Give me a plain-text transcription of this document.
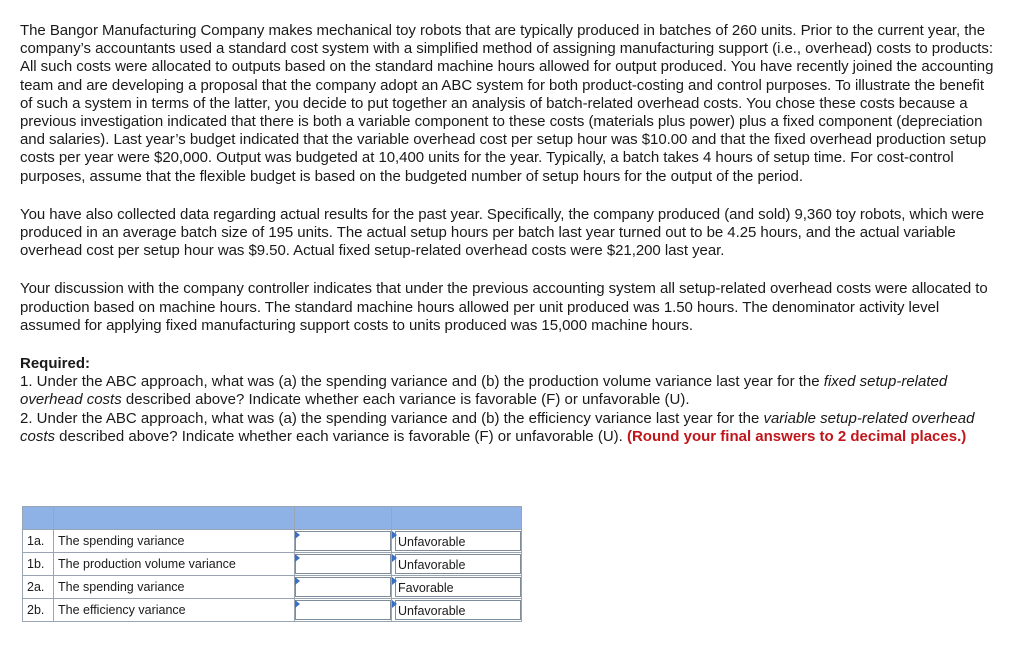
The Bangor Manufacturing Company makes mechanical toy robots that are typically produced in batches of 260 units. Prior to the current year, the company’s accountants used a standard cost system with a simplified method of assigning manufacturing support (i.e., overhead) costs to products: All such costs were allocated to outputs based on the standard machine hours allowed for output produced. You have recently joined the accounting team and are developing a proposal that the company adopt an ABC system for both product-costing and control purposes. To illustrate the benefit of such a system in terms of the latter, you decide to put together an analysis of batch-related overhead costs. You chose these costs because a previous investigation indicated that there is both a variable component to these costs (materials plus power) plus a fixed component (depreciation and salaries). Last year’s budget indicated that the variable overhead cost per setup hour was $10.00 and that the fixed overhead production setup costs per year were $20,000. Output was budgeted at 10,400 units for the year. Typically, a batch takes 4 hours of setup time. For cost-control purposes, assume that the flexible budget is based on the budgeted number of setup hours for the output of the period.

You have also collected data regarding actual results for the past year. Specifically, the company produced (and sold) 9,360 toy robots, which were produced in an average batch size of 195 units. The actual setup hours per batch last year turned out to be 4.25 hours, and the actual variable overhead cost per setup hour was $9.50. Actual fixed setup-related overhead costs were $21,200 last year.

Your discussion with the company controller indicates that under the previous accounting system all setup-related overhead costs were allocated to production based on machine hours. The standard machine hours allowed per unit produced was 1.50 hours. The denominator activity level assumed for applying fixed manufacturing support costs to units produced was 15,000 machine hours.

Required:

1. Under the ABC approach, what was (a) the spending variance and (b) the production volume variance last year for the fixed setup-related overhead costs described above? Indicate whether each variance is favorable (F) or unfavorable (U).

2. Under the ABC approach, what was (a) the spending variance and (b) the efficiency variance last year for the variable setup-related overhead costs described above? Indicate whether each variance is favorable (F) or unfavorable (U). (Round your final answers to 2 decimal places.)

1a.	The spending variance		Unfavorable

1b.	The production volume variance		Unfavorable

2a.	The spending variance		Favorable

2b.	The efficiency variance		Unfavorable
